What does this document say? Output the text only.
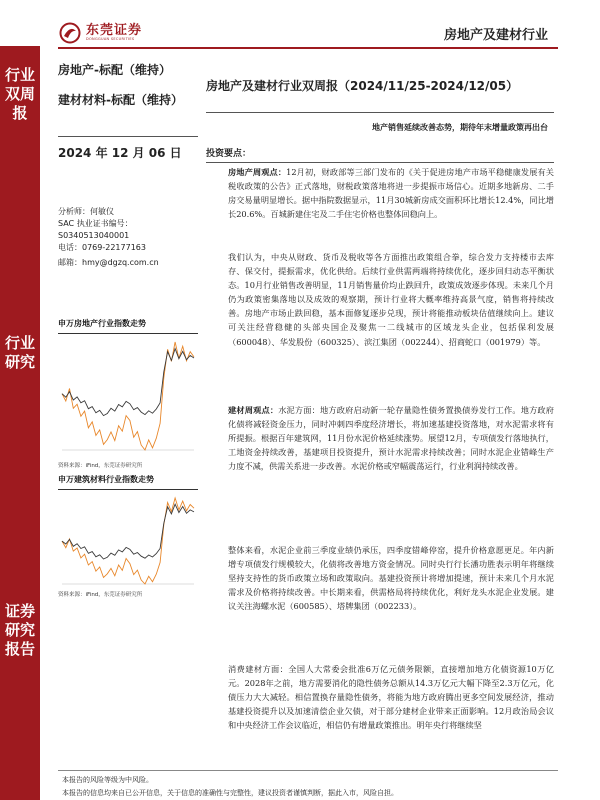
东莞证券
DONGGUAN SECURITIES	房地产及建材行业
行业双周报
行业研究
证券研究报告
房地产-标配（维持）
建材材料-标配（维持）
房地产及建材行业双周报（2024/11/25-2024/12/05）
地产销售延续改善态势，期待年末增量政策再出台
2024 年 12 月 06 日	投资要点：
分析师：何敏仪
SAC 执业证书编号：
S0340513040001
电话：0769-22177163
邮箱：hmy@dgzq.com.cn
申万房地产行业指数走势
资料来源：iFind，东莞证券研究所
申万建筑材料行业指数走势
资料来源：iFind，东莞证券研究所

房地产周观点：12月初，财政部等三部门发布的《关于促进房地产市场平稳健康发展有关税收政策的公告》正式落地，财税政策落地将进一步提振市场信心。近期多地新房、二手房交易量明显增长。据中指院数据显示，11月30城新房成交面积环比增长12.4%，同比增长20.6%。百城新建住宅及二手住宅价格也整体回稳向上。

我们认为，中央从财政、货币及税收等各方面推出政策组合拳，综合发力支持楼市去库存、保交付，提振需求，优化供给。后续行业供需两端将持续优化，逐步回归动态平衡状态。10月行业销售改善明显，11月销售量价均止跌回升，政策成效逐步体现。未来几个月仍为政策密集落地以及成效的观察期，预计行业将大概率维持高景气度，销售将持续改善。房地产市场止跌回稳，基本面修复逐步兑现，预计将能推动板块估值继续向上。建议可关注经营稳健的头部央国企及聚焦一二线城市的区域龙头企业，包括保利发展（600048）、华发股份（600325）、滨江集团（002244）、招商蛇口（001979）等。

建材周观点：水泥方面：地方政府启动新一轮存量隐性债务置换债券发行工作。地方政府化债将减轻资金压力，同时冲刺四季度经济增长，将加速基建投资落地，对水泥需求将有所提振。根据百年建筑网，11月份水泥价格延续涨势。展望12月，专项债发行落地执行，工地资金持续改善，基建项目投资提升，预计水泥需求持续改善；同时水泥企业错峰生产力度不减，供需关系进一步改善。水泥价格或窄幅震荡运行，行业利润持续改善。

整体来看，水泥企业前三季度业绩仍承压，四季度错峰停窑，提升价格意愿更足。年内新增专项债发行规模较大，化债将改善地方资金情况。同时央行行长潘功胜表示明年将继续坚持支持性的货币政策立场和政策取向。基建投资预计将增加提速，预计未来几个月水泥需求及价格将持续改善。中长期来看，供需格局将持续优化，利好龙头水泥企业发展。建议关注海螺水泥（600585）、塔牌集团（002233）。

消费建材方面：全国人大常委会批准6万亿元债务限额，直接增加地方化债资源10万亿元。2028年之前，地方需要消化的隐性债务总额从14.3万亿元大幅下降至2.3万亿元，化债压力大大减轻。相信置换存量隐性债务，将能为地方政府腾出更多空间发展经济，推动基建投资提升以及加速清偿企业欠债，对于部分建材企业带来正面影响。12月政治局会议和中央经济工作会议临近，相信仍有增量政策推出。明年央行将继续坚

本报告的风险等级为中风险。
本报告的信息均来自已公开信息，关于信息的准确性与完整性，建议投资者谨慎判断，据此入市，风险自担。
